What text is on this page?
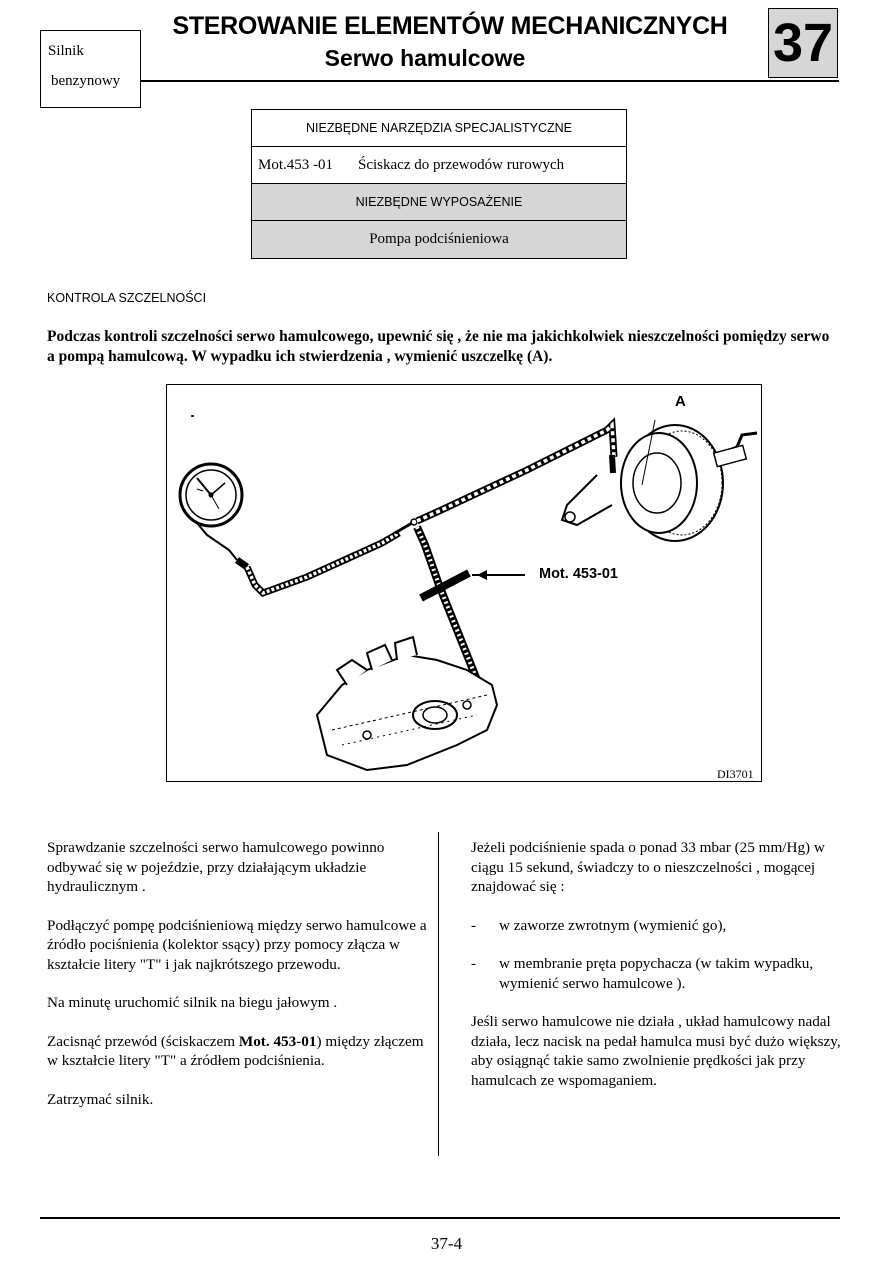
Silnik
benzynowy
STEROWANIE ELEMENTÓW MECHANICZNYCH
Serwo hamulcowe	37
NIEZBĘDNE NARZĘDZIA SPECJALISTYCZNE
Mot.453 -01	Ściskacz do przewodów rurowych
NIEZBĘDNE WYPOSAŻENIE
Pompa podciśnieniowa
KONTROLA SZCZELNOŚCI
Podczas kontroli szczelności serwo hamulcowego, upewnić się , że nie ma jakichkolwiek nieszczelności pomiędzy serwo a pompą hamulcową. W wypadku ich stwierdzenia , wymienić uszczelkę (A).
A
Mot. 453-01
DI3701

Sprawdzanie szczelności serwo hamulcowego powinno odbywać się w pojeździe, przy działającym układzie hydraulicznym .

Podłączyć pompę podciśnieniową między serwo hamulcowe a źródło pociśnienia (kolektor ssący) przy pomocy złącza w kształcie litery "T" i jak najkrótszego przewodu.

Na minutę uruchomić silnik na biegu jałowym .

Zacisnąć przewód (ściskaczem Mot. 453-01) między złączem w kształcie litery "T" a źródłem podciśnienia.

Zatrzymać silnik.

Jeżeli podciśnienie spada o ponad 33 mbar (25 mm/Hg) w ciągu 15 sekund, świadczy to o nieszczelności , mogącej znajdować się :

- w zaworze zwrotnym (wymienić go),

- w membranie pręta popychacza (w takim wypadku, wymienić serwo hamulcowe ).

Jeśli serwo hamulcowe nie działa , układ hamulcowy nadal działa, lecz nacisk na pedał hamulca musi być dużo większy, aby osiągnąć takie samo zwolnienie prędkości jak przy hamulcach ze wspomaganiem.

37-4
